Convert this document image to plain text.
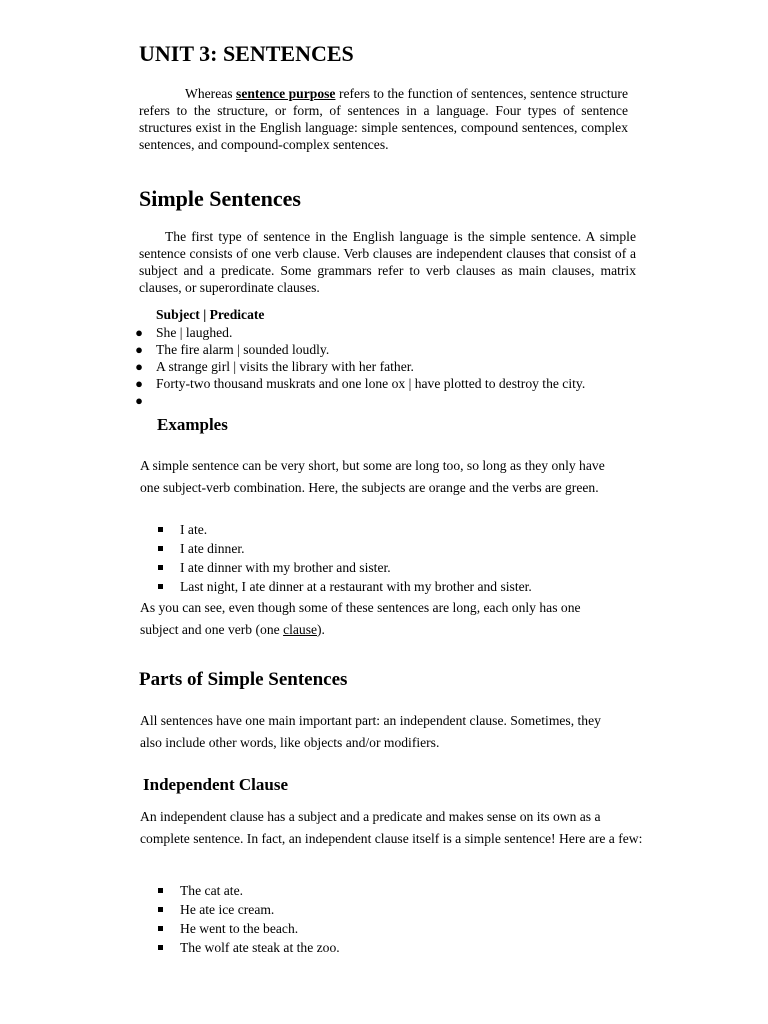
UNIT 3: SENTENCES

Whereas sentence purpose refers to the function of sentences, sentence structure refers to the structure, or form, of sentences in a language. Four types of sentence structures exist in the English language: simple sentences, compound sentences, complex sentences, and compound-complex sentences.

Simple Sentences

The first type of sentence in the English language is the simple sentence. A simple sentence consists of one verb clause. Verb clauses are independent clauses that consist of a subject and a predicate. Some grammars refer to verb clauses as main clauses, matrix clauses, or superordinate clauses.

Subject | Predicate
● She | laughed.
● The fire alarm | sounded loudly.
● A strange girl | visits the library with her father.
● Forty-two thousand muskrats and one lone ox | have plotted to destroy the city.
●
Examples

A simple sentence can be very short, but some are long too, so long as they only have one subject-verb combination. Here, the subjects are orange and the verbs are green.

I ate.
I ate dinner.
I ate dinner with my brother and sister.
Last night, I ate dinner at a restaurant with my brother and sister.

As you can see, even though some of these sentences are long, each only has one subject and one verb (one clause).

Parts of Simple Sentences

All sentences have one main important part: an independent clause. Sometimes, they also include other words, like objects and/or modifiers.

Independent Clause

An independent clause has a subject and a predicate and makes sense on its own as a complete sentence. In fact, an independent clause itself is a simple sentence! Here are a few:

The cat ate.
He ate ice cream.
He went to the beach.
The wolf ate steak at the zoo.
